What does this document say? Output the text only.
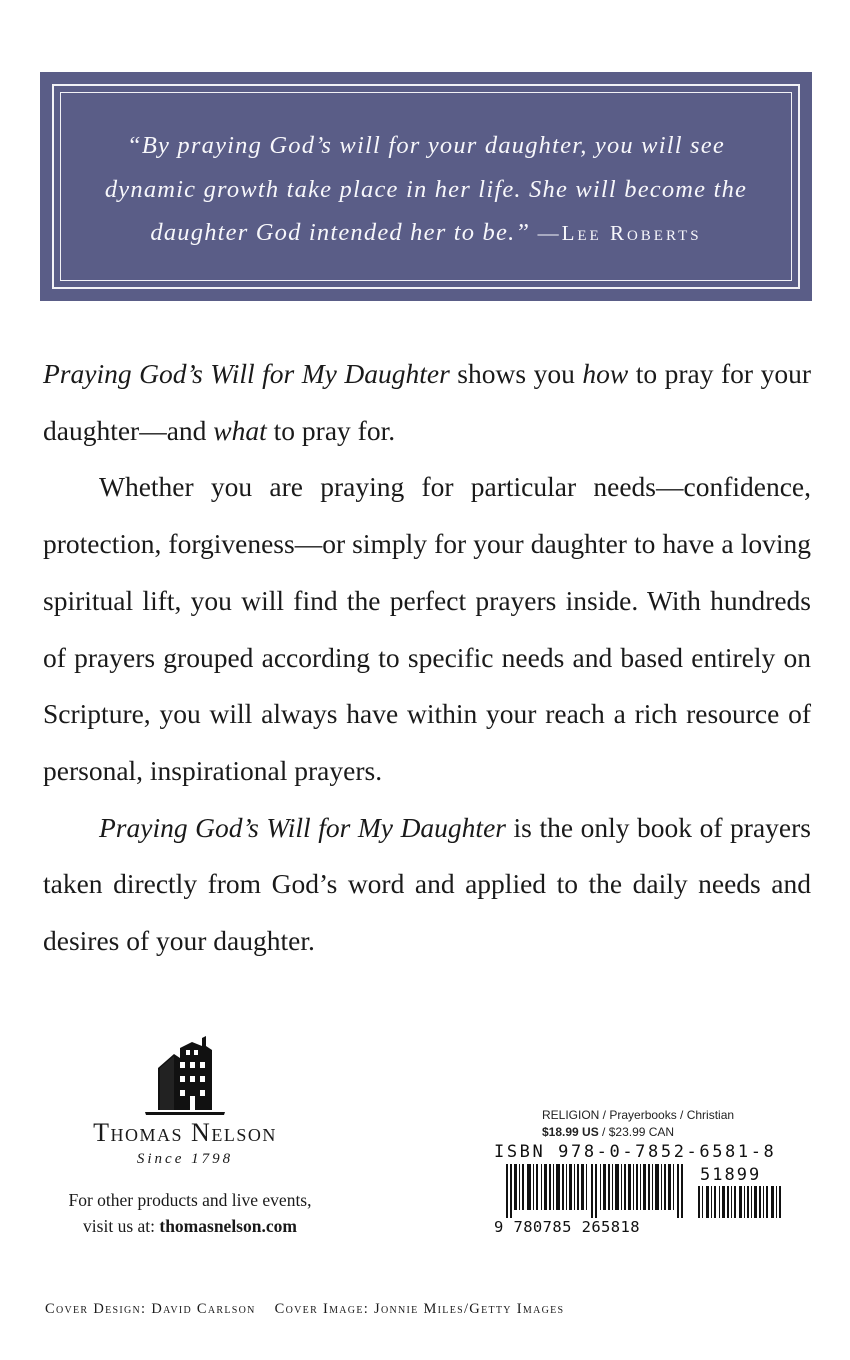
“By praying God’s will for your daughter, you will see dynamic growth take place in her life. She will become the daughter God intended her to be.” —Lee Roberts

Praying God’s Will for My Daughter shows you how to pray for your daughter—and what to pray for.

Whether you are praying for particular needs—confidence, protection, forgiveness—or simply for your daughter to have a loving spiritual lift, you will find the perfect prayers inside. With hundreds of prayers grouped according to specific needs and based entirely on Scripture, you will always have within your reach a rich resource of personal, inspirational prayers.

Praying God’s Will for My Daughter is the only book of prayers taken directly from God’s word and applied to the daily needs and desires of your daughter.

Thomas Nelson
Since 1798
For other products and live events,
visit us at: thomasnelson.com
RELIGION / Prayerbooks / Christian
$18.99 US / $23.99 CAN
ISBN 978-0-7852-6581-8
51899
9 780785 265818
Cover Design: David Carlson Cover Image: Jonnie Miles/Getty Images
